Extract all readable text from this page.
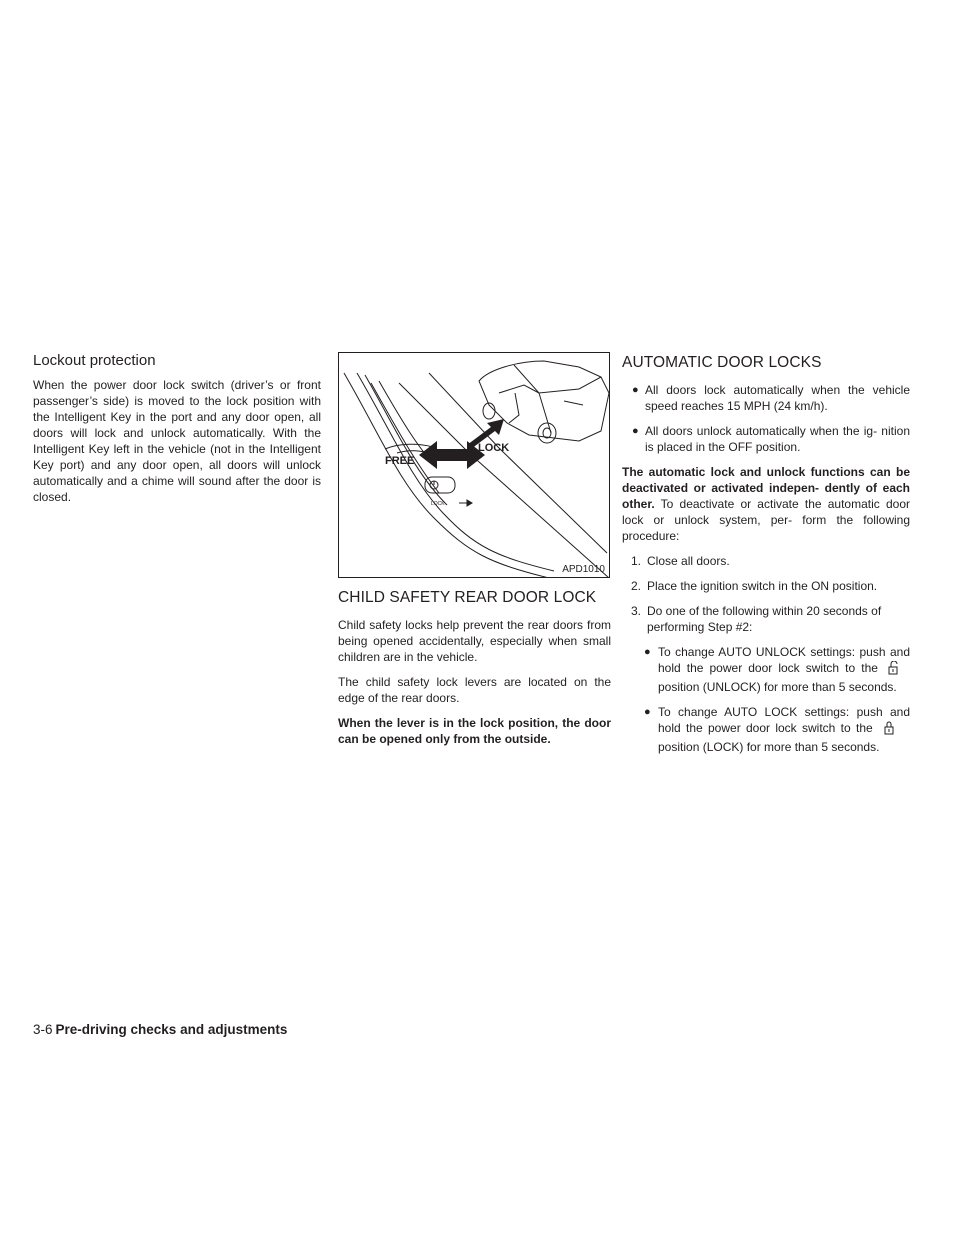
Lockout protection

When the power door lock switch (driver’s or front passenger’s side) is moved to the lock position with the Intelligent Key in the port and any door open, all doors will lock and unlock automatically. With the Intelligent Key left in the vehicle (not in the Intelligent Key port) and any door open, all doors will unlock automatically and a chime will sound after the door is closed.

FREE
LOCK
LOCK
APD1010
CHILD SAFETY REAR DOOR LOCK

Child safety locks help prevent the rear doors from being opened accidentally, especially when small children are in the vehicle.

The child safety lock levers are located on the edge of the rear doors.

When the lever is in the lock position, the door can be opened only from the outside.

AUTOMATIC DOOR LOCKS
● All doors lock automatically when the vehicle speed reaches 15 MPH (24 km/h).
● All doors unlock automatically when the ig- nition is placed in the OFF position.

The automatic lock and unlock functions can be deactivated or activated indepen- dently of each other. To deactivate or activate the automatic door lock or unlock system, per- form the following procedure:

1. Close all doors.
2. Place the ignition switch in the ON position.
3. Do one of the following within 20 seconds of performing Step #2:
● To change AUTO UNLOCK settings: push and hold the power door lock switch to the  position (UNLOCK) for more than 5 seconds.
● To change AUTO LOCK settings: push and hold the power door lock switch to the  position (LOCK) for more than 5 seconds.
3-6 Pre-driving checks and adjustments
